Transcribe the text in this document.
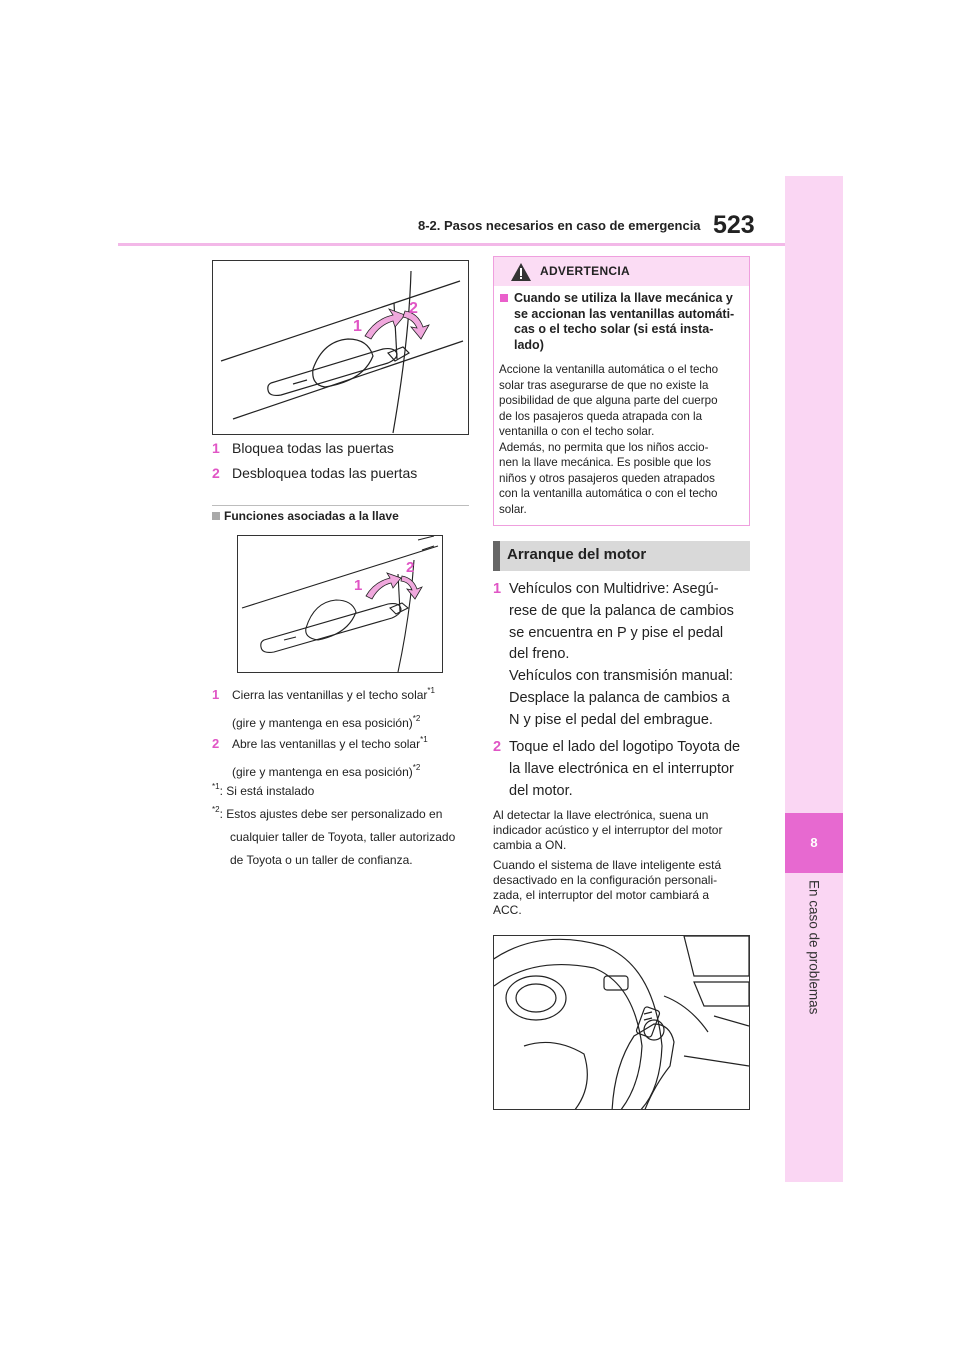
8-2. Pasos necesarios en caso de emergencia 523
8
En caso de problemas
1
2
1 Bloquea todas las puertas
2 Desbloquea todas las puertas
Funciones asociadas a la llave
1
2
1 Cierra las ventanillas y el techo solar$^{*1}$
(gire y mantenga en esa posición)$^{*2}$
2 Abre las ventanillas y el techo solar$^{*1}$
(gire y mantenga en esa posición)$^{*2}$
$^{*1}$: Si está instalado
$^{*2}$: Estos ajustes debe ser personalizado en
cualquier taller de Toyota, taller autorizado
de Toyota o un taller de confianza.
ADVERTENCIA
Cuando se utiliza la llave mecánica y
se accionan las ventanillas automáti-
cas o el techo solar (si está insta-
lado)
Accione la ventanilla automática o el techo
solar tras asegurarse de que no existe la
posibilidad de que alguna parte del cuerpo
de los pasajeros queda atrapada con la
ventanilla o con el techo solar.
Además, no permita que los niños accio-
nen la llave mecánica. Es posible que los
niños y otros pasajeros queden atrapados
con la ventanilla automática o con el techo
solar.
Arranque del motor
1 Vehículos con Multidrive: Asegú-
rese de que la palanca de cambios
se encuentra en P y pise el pedal
del freno.
Vehículos con transmisión manual:
Desplace la palanca de cambios a
N y pise el pedal del embrague.
2 Toque el lado del logotipo Toyota de
la llave electrónica en el interruptor
del motor.
Al detectar la llave electrónica, suena un
indicador acústico y el interruptor del motor
cambia a ON.
Cuando el sistema de llave inteligente está
desactivado en la configuración personali-
zada, el interruptor del motor cambiará a
ACC.
